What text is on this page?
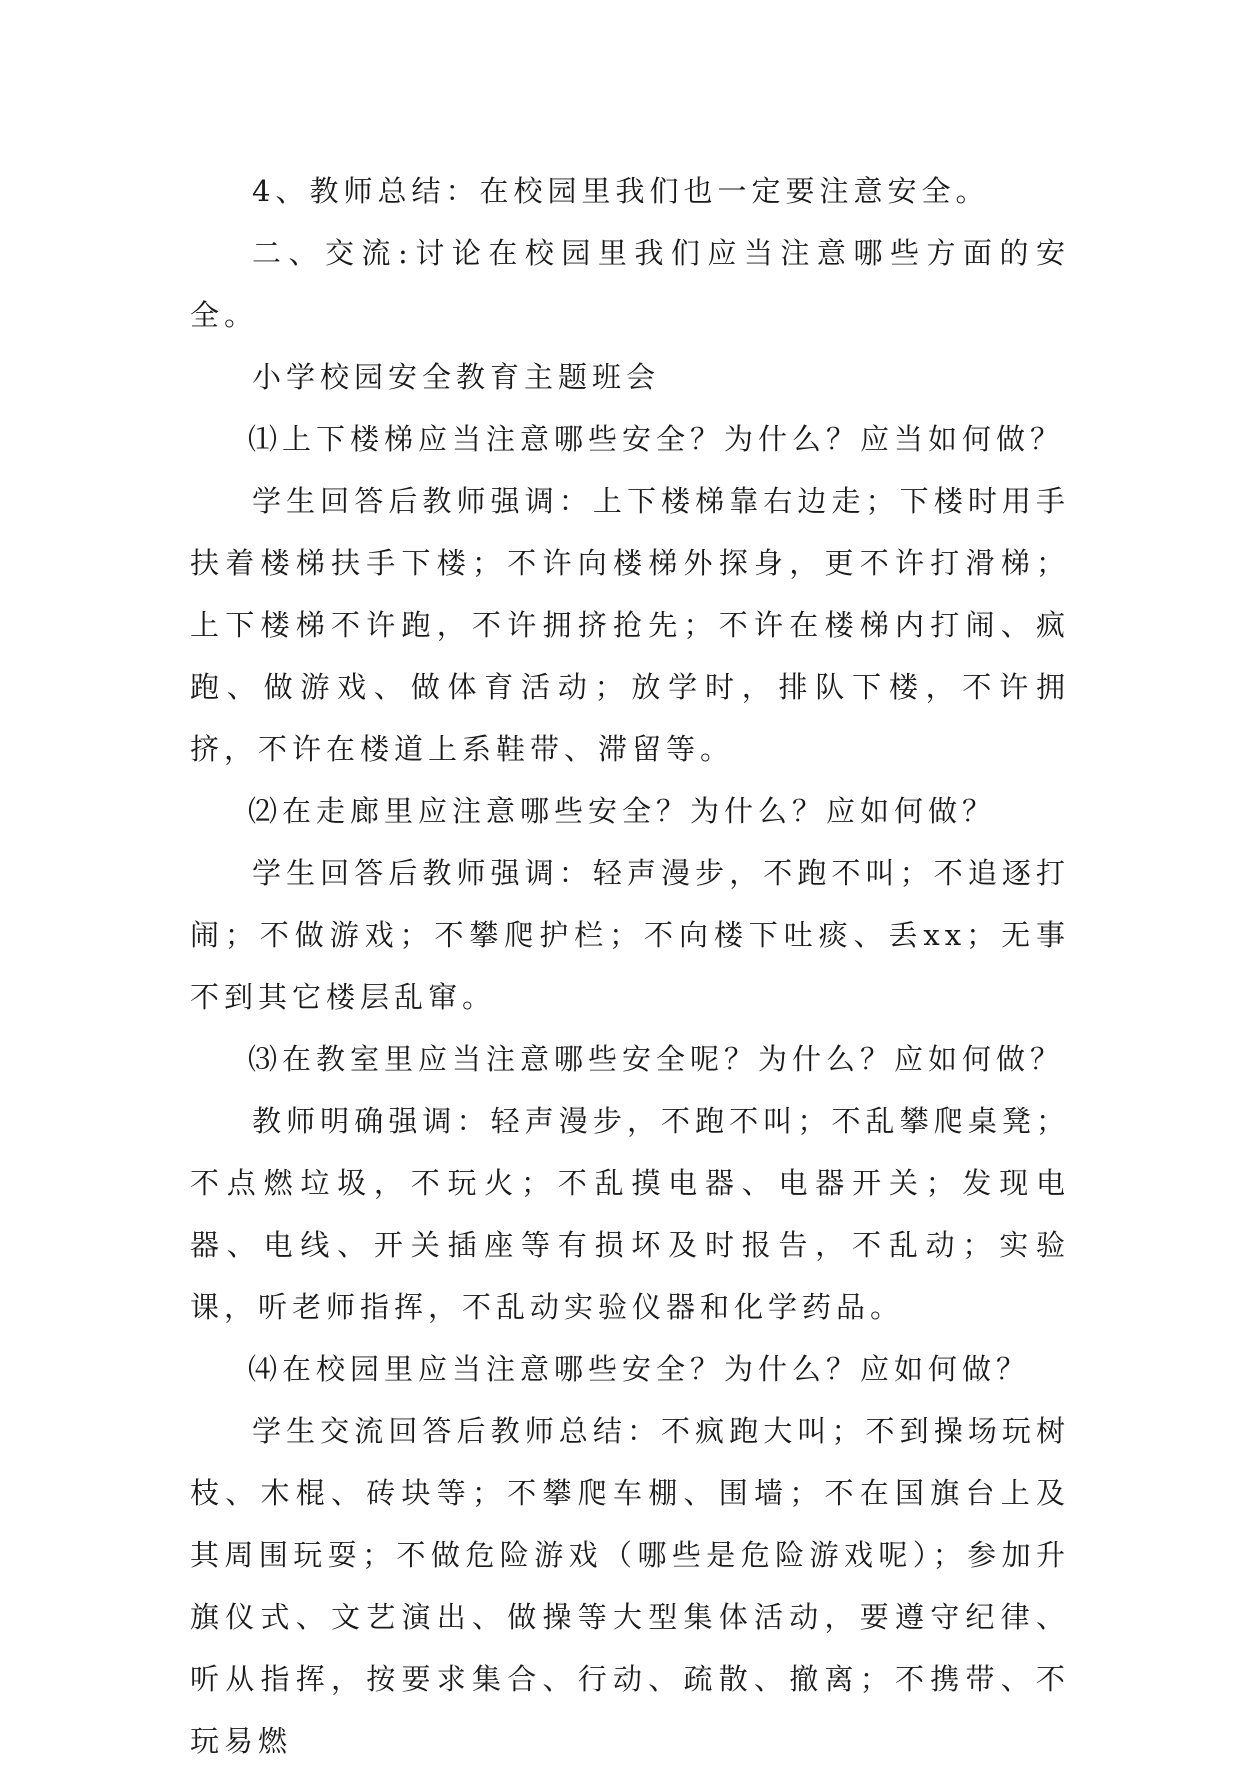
4、教师总结：在校园里我们也一定要注意安全。

二、交流:讨论在校园里我们应当注意哪些方面的安全。

小学校园安全教育主题班会

⑴上下楼梯应当注意哪些安全？为什么？应当如何做？

学生回答后教师强调：上下楼梯靠右边走；下楼时用手扶着楼梯扶手下楼；不许向楼梯外探身，更不许打滑梯；上下楼梯不许跑，不许拥挤抢先；不许在楼梯内打闹、疯跑、做游戏、做体育活动；放学时，排队下楼，不许拥挤，不许在楼道上系鞋带、滞留等。

⑵在走廊里应注意哪些安全？为什么？应如何做？

学生回答后教师强调：轻声漫步，不跑不叫；不追逐打闹；不做游戏；不攀爬护栏；不向楼下吐痰、丢xx；无事不到其它楼层乱窜。

⑶在教室里应当注意哪些安全呢？为什么？应如何做？

教师明确强调：轻声漫步，不跑不叫；不乱攀爬桌凳；不点燃垃圾，不玩火；不乱摸电器、电器开关；发现电器、电线、开关插座等有损坏及时报告，不乱动；实验课，听老师指挥，不乱动实验仪器和化学药品。

⑷在校园里应当注意哪些安全？为什么？应如何做？

学生交流回答后教师总结：不疯跑大叫；不到操场玩树枝、木棍、砖块等；不攀爬车棚、围墙；不在国旗台上及其周围玩耍；不做危险游戏（哪些是危险游戏呢）；参加升旗仪式、文艺演出、做操等大型集体活动，要遵守纪律、听从指挥，按要求集合、行动、疏散、撤离；不携带、不玩易燃
